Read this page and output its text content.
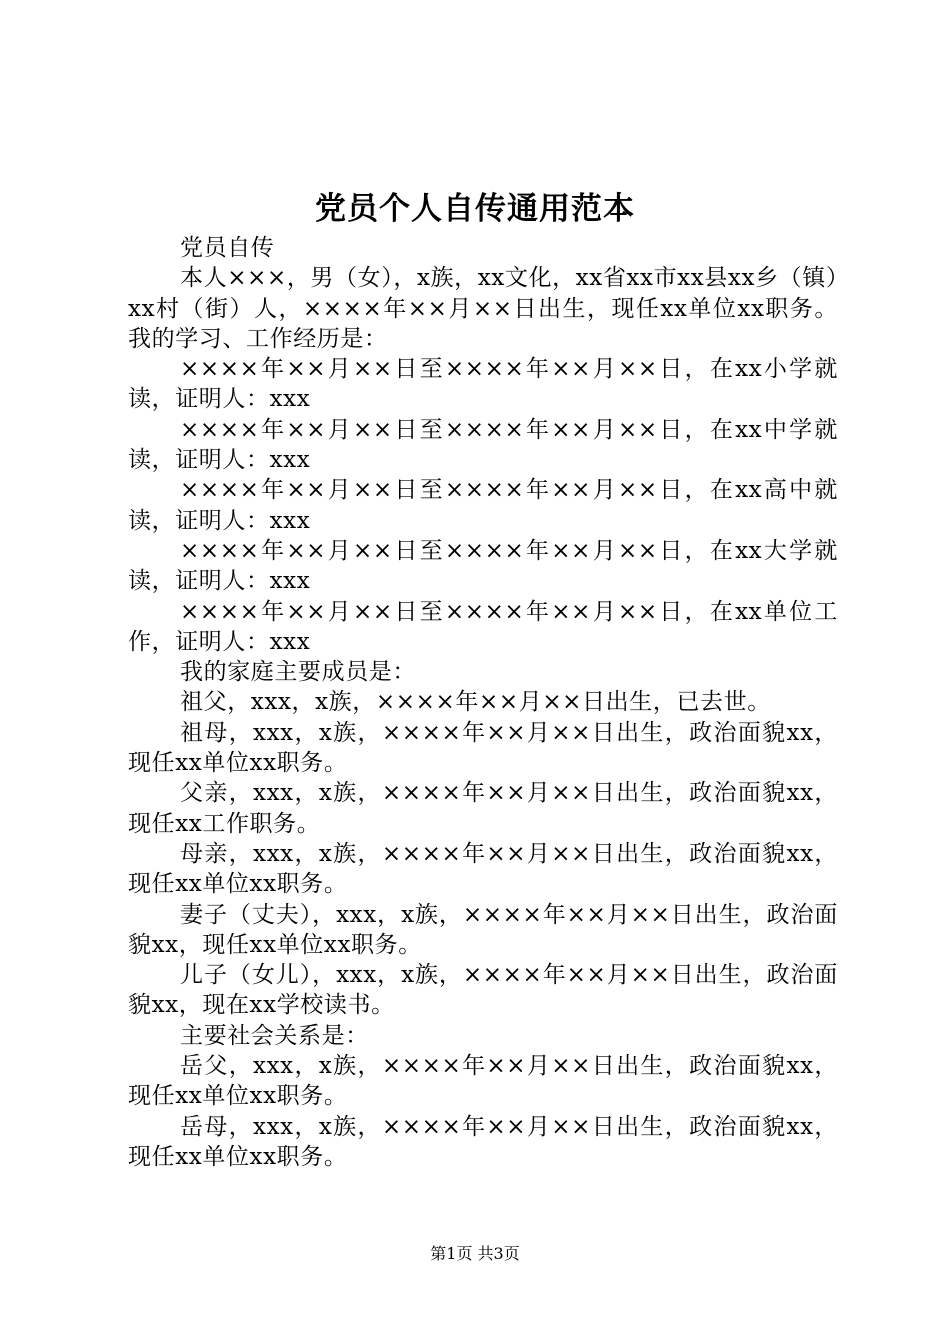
党员个人自传通用范本

党员自传

本人×××，男（女），x族，xx文化，xx省xx市xx县xx乡（镇）xx村（街）人，××××年××月××日出生，现任xx单位xx职务。我的学习、工作经历是：

××××年××月××日至××××年××月××日，在xx小学就读，证明人：xxx

××××年××月××日至××××年××月××日，在xx中学就读，证明人：xxx

××××年××月××日至××××年××月××日，在xx高中就读，证明人：xxx

××××年××月××日至××××年××月××日，在xx大学就读，证明人：xxx

××××年××月××日至××××年××月××日，在xx单位工作，证明人：xxx

我的家庭主要成员是：

祖父，xxx，x族，××××年××月××日出生，已去世。

祖母，xxx，x族，××××年××月××日出生，政治面貌xx，现任xx单位xx职务。

父亲，xxx，x族，××××年××月××日出生，政治面貌xx，现任xx工作职务。

母亲，xxx，x族，××××年××月××日出生，政治面貌xx，现任xx单位xx职务。

妻子（丈夫），xxx，x族，××××年××月××日出生，政治面貌xx，现任xx单位xx职务。

儿子（女儿），xxx，x族，××××年××月××日出生，政治面貌xx，现在xx学校读书。

主要社会关系是：

岳父，xxx，x族，××××年××月××日出生，政治面貌xx，现任xx单位xx职务。

岳母，xxx，x族，××××年××月××日出生，政治面貌xx，现任xx单位xx职务。

第1页 共3页
